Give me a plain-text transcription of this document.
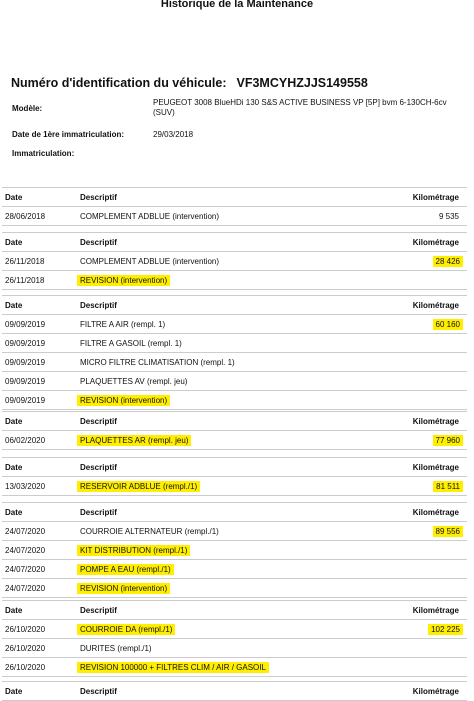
Historique de la Maintenance
Numéro d'identification du véhicule: VF3MCYHZJJS149558
Modèle:
PEUGEOT 3008 BlueHDi 130 S&S ACTIVE BUSINESS VP [5P] bvm 6-130CH-6cv (SUV)
Date de 1ère immatriculation:	29/03/2018
Immatriculation:
Date	Descriptif	Kilométrage
28/06/2018	COMPLEMENT ADBLUE (intervention)	9 535
Date	Descriptif	Kilométrage
26/11/2018	COMPLEMENT ADBLUE (intervention)	28 426
26/11/2018	REVISION (intervention)
Date	Descriptif	Kilométrage
09/09/2019	FILTRE A AIR (rempl. 1)	60 160
09/09/2019	FILTRE A GASOIL (rempl. 1)
09/09/2019	MICRO FILTRE CLIMATISATION (rempl. 1)
09/09/2019	PLAQUETTES AV (rempl. jeu)
09/09/2019	REVISION (intervention)
Date	Descriptif	Kilométrage
06/02/2020	PLAQUETTES AR (rempl. jeu)	77 960
Date	Descriptif	Kilométrage
13/03/2020	RESERVOIR ADBLUE (rempl./1)	81 511
Date	Descriptif	Kilométrage
24/07/2020	COURROIE ALTERNATEUR (rempl./1)	89 556
24/07/2020	KIT DISTRIBUTION (rempl./1)
24/07/2020	POMPE A EAU (rempl./1)
24/07/2020	REVISION (intervention)
Date	Descriptif	Kilométrage
26/10/2020	COURROIE DA (rempl./1)	102 225
26/10/2020	DURITES (rempl./1)
26/10/2020	REVISION 100000 + FILTRES CLIM / AIR / GASOIL
Date	Descriptif	Kilométrage
